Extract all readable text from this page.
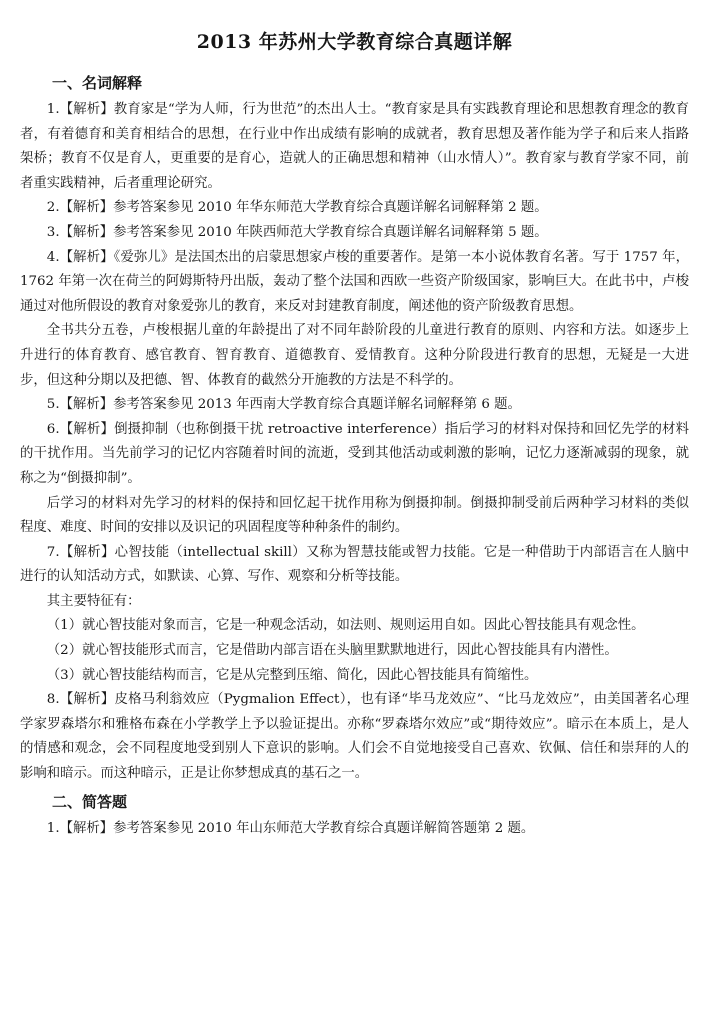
2013 年苏州大学教育综合真题详解
一、名词解释

1.【解析】教育家是“学为人师，行为世范”的杰出人士。“教育家是具有实践教育理论和思想教育理念的教育者，有着德育和美育相结合的思想，在行业中作出成绩有影响的成就者，教育思想及著作能为学子和后来人指路架桥；教育不仅是育人，更重要的是育心，造就人的正确思想和精神（山水情人）”。教育家与教育学家不同，前者重实践精神，后者重理论研究。

2.【解析】参考答案参见 2010 年华东师范大学教育综合真题详解名词解释第 2 题。

3.【解析】参考答案参见 2010 年陕西师范大学教育综合真题详解名词解释第 5 题。

4.【解析】《爱弥儿》是法国杰出的启蒙思想家卢梭的重要著作。是第一本小说体教育名著。写于 1757 年，1762 年第一次在荷兰的阿姆斯特丹出版，轰动了整个法国和西欧一些资产阶级国家，影响巨大。在此书中，卢梭通过对他所假设的教育对象爱弥儿的教育，来反对封建教育制度，阐述他的资产阶级教育思想。

全书共分五卷，卢梭根据儿童的年龄提出了对不同年龄阶段的儿童进行教育的原则、内容和方法。如逐步上升进行的体育教育、感官教育、智育教育、道德教育、爱情教育。这种分阶段进行教育的思想，无疑是一大进步，但这种分期以及把德、智、体教育的截然分开施教的方法是不科学的。

5.【解析】参考答案参见 2013 年西南大学教育综合真题详解名词解释第 6 题。

6.【解析】倒摄抑制（也称倒摄干扰 retroactive interference）指后学习的材料对保持和回忆先学的材料的干扰作用。当先前学习的记忆内容随着时间的流逝，受到其他活动或刺激的影响，记忆力逐渐减弱的现象，就称之为“倒摄抑制”。

后学习的材料对先学习的材料的保持和回忆起干扰作用称为倒摄抑制。倒摄抑制受前后两种学习材料的类似程度、难度、时间的安排以及识记的巩固程度等种种条件的制约。

7.【解析】心智技能（intellectual skill）又称为智慧技能或智力技能。它是一种借助于内部语言在人脑中进行的认知活动方式，如默读、心算、写作、观察和分析等技能。

其主要特征有：

（1）就心智技能对象而言，它是一种观念活动，如法则、规则运用自如。因此心智技能具有观念性。

（2）就心智技能形式而言，它是借助内部言语在头脑里默默地进行，因此心智技能具有内潜性。

（3）就心智技能结构而言，它是从完整到压缩、简化，因此心智技能具有简缩性。

8.【解析】皮格马利翁效应（Pygmalion Effect），也有译“毕马龙效应”、“比马龙效应”，由美国著名心理学家罗森塔尔和雅格布森在小学教学上予以验证提出。亦称“罗森塔尔效应”或“期待效应”。暗示在本质上，是人的情感和观念，会不同程度地受到别人下意识的影响。人们会不自觉地接受自己喜欢、钦佩、信任和崇拜的人的影响和暗示。而这种暗示，正是让你梦想成真的基石之一。

二、简答题

1.【解析】参考答案参见 2010 年山东师范大学教育综合真题详解简答题第 2 题。
